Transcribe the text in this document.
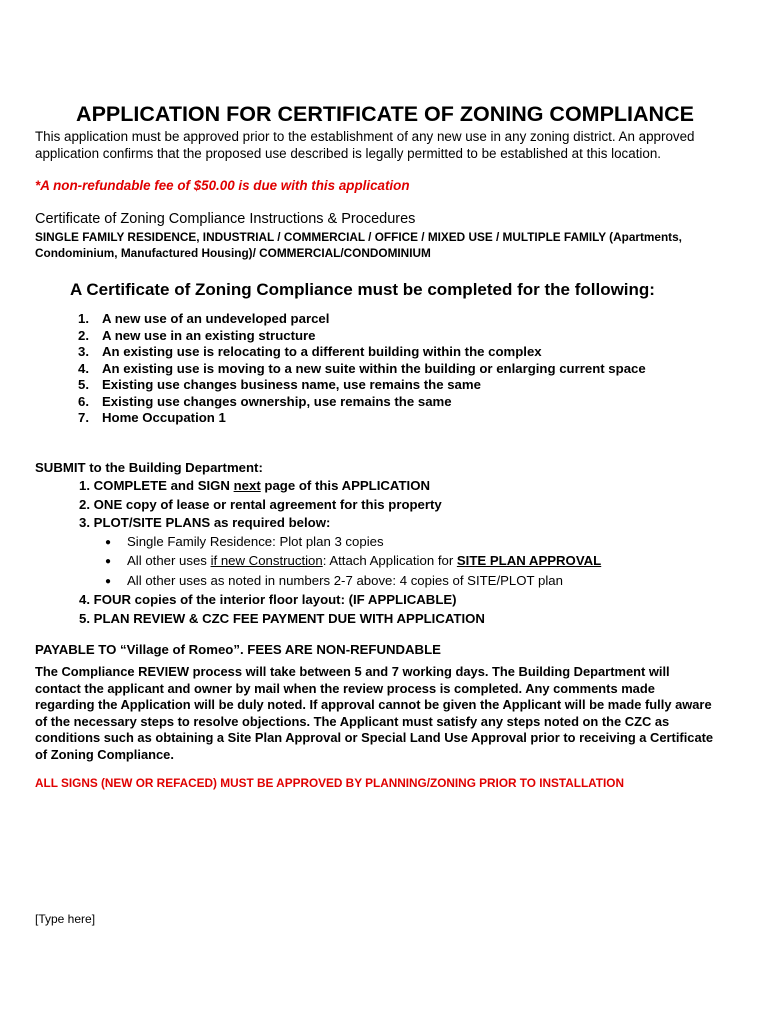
APPLICATION FOR CERTIFICATE OF ZONING COMPLIANCE
This application must be approved prior to the establishment of any new use in any zoning district. An approved application confirms that the proposed use described is legally permitted to be established at this location.
*A non-refundable fee of $50.00 is due with this application
Certificate of Zoning Compliance Instructions & Procedures
SINGLE FAMILY RESIDENCE, INDUSTRIAL / COMMERCIAL / OFFICE / MIXED USE / MULTIPLE FAMILY (Apartments, Condominium, Manufactured Housing)/ COMMERCIAL/CONDOMINIUM
A Certificate of Zoning Compliance must be completed for the following:
1. A new use of an undeveloped parcel
2. A new use in an existing structure
3. An existing use is relocating to a different building within the complex
4. An existing use is moving to a new suite within the building or enlarging current space
5. Existing use changes business name, use remains the same
6. Existing use changes ownership, use remains the same
7. Home Occupation 1
SUBMIT to the Building Department:
1. COMPLETE and SIGN next page of this APPLICATION
2. ONE copy of lease or rental agreement for this property
3. PLOT/SITE PLANS as required below:
● Single Family Residence: Plot plan 3 copies
● All other uses if new Construction: Attach Application for SITE PLAN APPROVAL
● All other uses as noted in numbers 2-7 above: 4 copies of SITE/PLOT plan
4. FOUR copies of the interior floor layout: (IF APPLICABLE)
5. PLAN REVIEW & CZC FEE PAYMENT DUE WITH APPLICATION
PAYABLE TO “Village of Romeo”. FEES ARE NON-REFUNDABLE
The Compliance REVIEW process will take between 5 and 7 working days. The Building Department will contact the applicant and owner by mail when the review process is completed. Any comments made regarding the Application will be duly noted. If approval cannot be given the Applicant will be made fully aware of the necessary steps to resolve objections. The Applicant must satisfy any steps noted on the CZC as conditions such as obtaining a Site Plan Approval or Special Land Use Approval prior to receiving a Certificate of Zoning Compliance.
ALL SIGNS (NEW OR REFACED) MUST BE APPROVED BY PLANNING/ZONING PRIOR TO INSTALLATION
[Type here]
